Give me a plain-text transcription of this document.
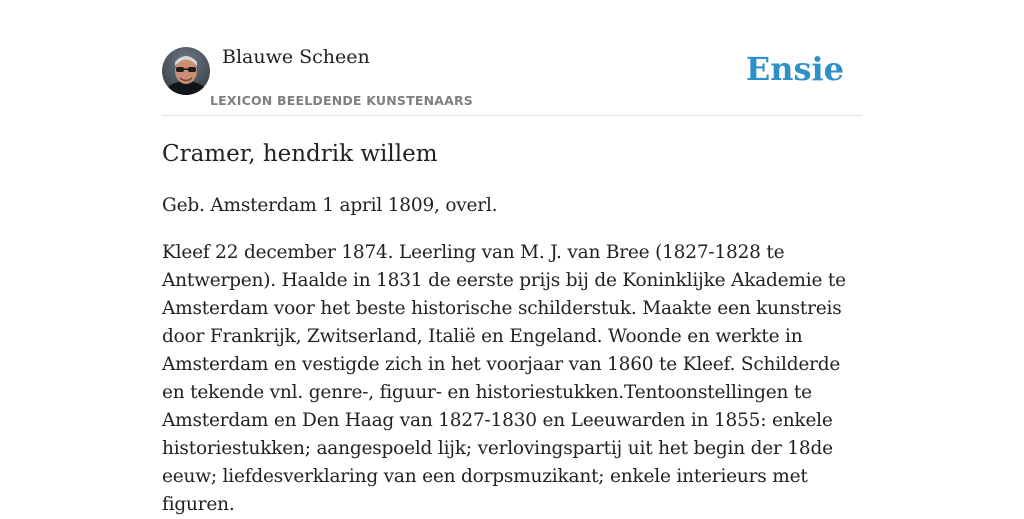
Blauwe Scheen
LEXICON BEELDENDE KUNSTENAARS
Ensie
Cramer, hendrik willem

Geb. Amsterdam 1 april 1809, overl.

Kleef 22 december 1874. Leerling van M. J. van Bree (1827-1828 te Antwerpen). Haalde in 1831 de eerste prijs bij de Koninklijke Akademie te Amsterdam voor het beste historische schilderstuk. Maakte een kunstreis door Frankrijk, Zwitserland, Italië en Engeland. Woonde en werkte in Amsterdam en vestigde zich in het voorjaar van 1860 te Kleef. Schilderde en tekende vnl. genre-, figuur- en historiestukken.Tentoonstellingen te Amsterdam en Den Haag van 1827-1830 en Leeuwarden in 1855: enkele historiestukken; aangespoeld lijk; verlovingspartij uit het begin der 18de eeuw; liefdesverklaring van een dorpsmuzikant; enkele interieurs met figuren.
